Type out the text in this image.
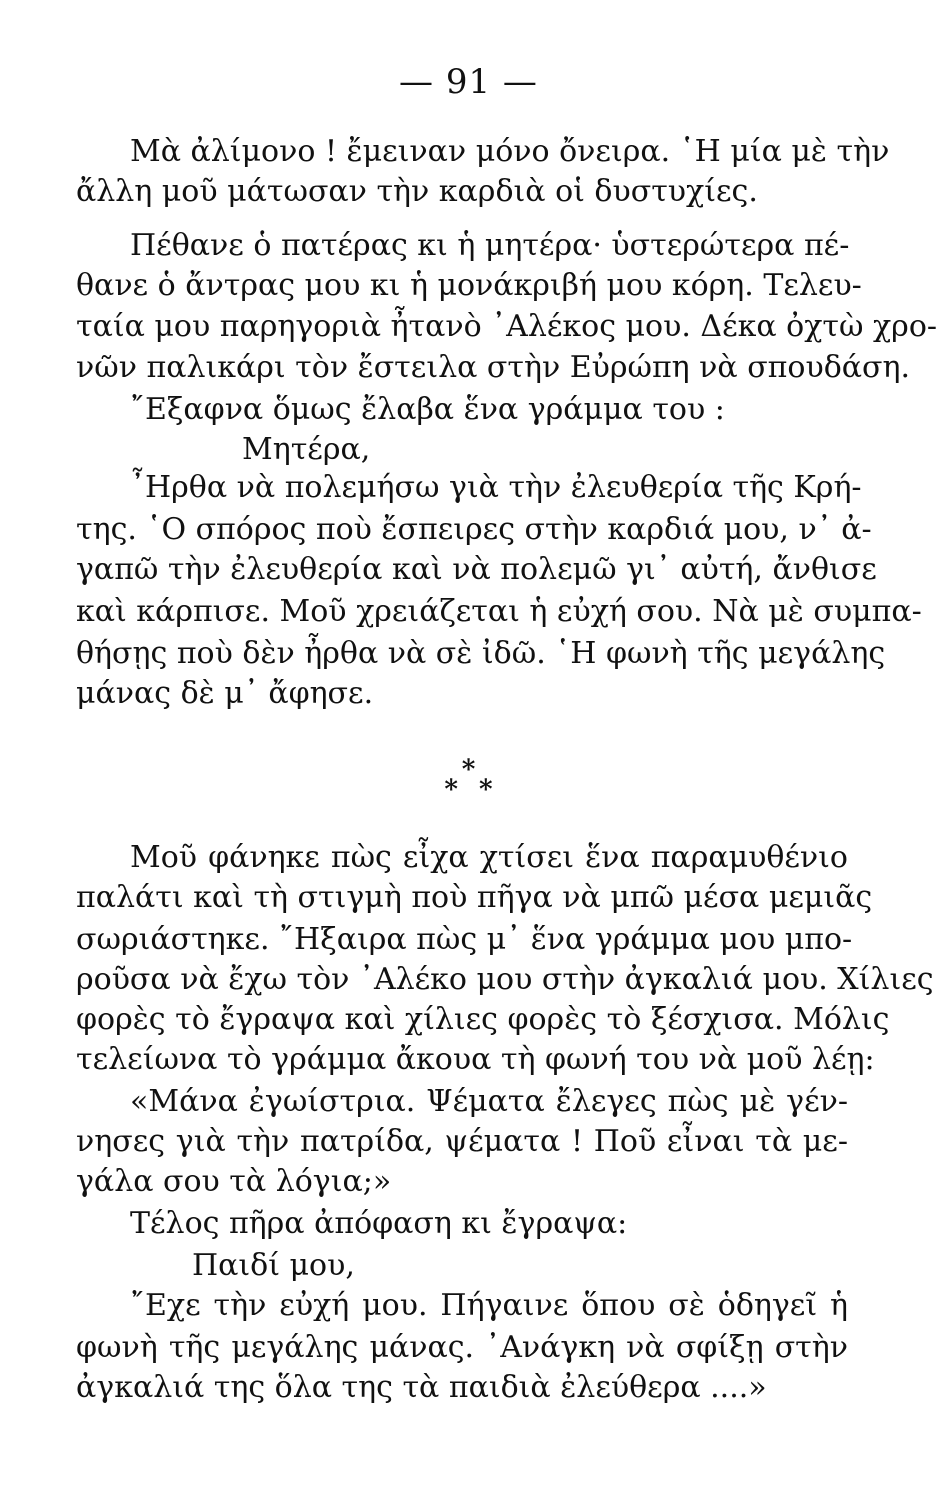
— 91 —
Μὰ ἀλίμονο ! ἔμειναν μόνο ὄνειρα. ῾Η μία μὲ τὴν
ἄλλη μοῦ μάτωσαν τὴν καρδιὰ οἱ δυστυχίες.
Πέθανε ὁ πατέρας κι ἡ μητέρα· ὑστερώτερα πέ-
θανε ὁ ἄντρας μου κι ἡ μονάκριβή μου κόρη. Τελευ-
ταία μου παρηγοριὰ ἦτανὸ ᾿Αλέκος μου. Δέκα ὀχτὼ χρο-
νῶν παλικάρι τὸν ἔστειλα στὴν Εὐρώπη νὰ σπουδάση.
῎Εξαφνα ὅμως ἔλαβα ἕνα γράμμα του :
Μητέρα,
῏Ηρθα νὰ πολεμήσω γιὰ τὴν ἐλευθερία τῆς Κρή-
της. ῾Ο σπόρος ποὺ ἔσπειρες στὴν καρδιά μου, ν᾿ ἀ-
γαπῶ τὴν ἐλευθερία καὶ νὰ πολεμῶ γι᾿ αὐτή, ἄνθισε
καὶ κάρπισε. Μοῦ χρειάζεται ἡ εὐχή σου. Νὰ μὲ συμπα-
θήσῃς ποὺ δὲν ἦρθα νὰ σὲ ἰδῶ. ῾Η φωνὴ τῆς μεγάλης
μάνας δὲ μ᾿ ἄφησε.
*
* *
Μοῦ φάνηκε πὼς εἶχα χτίσει ἕνα παραμυθένιο
παλάτι καὶ τὴ στιγμὴ ποὺ πῆγα νὰ μπῶ μέσα μεμιᾶς
σωριάστηκε. ῎Ηξαιρα πὼς μ᾿ ἕνα γράμμα μου μπο-
ροῦσα νὰ ἔχω τὸν ᾿Αλέκο μου στὴν ἀγκαλιά μου. Χίλιες
φορὲς τὸ ἔγραψα καὶ χίλιες φορὲς τὸ ξέσχισα. Μόλις
τελείωνα τὸ γράμμα ἄκουα τὴ φωνή του νὰ μοῦ λέῃ:
«Μάνα ἐγωίστρια. Ψέματα ἔλεγες πὼς μὲ γέν-
νησες γιὰ τὴν πατρίδα, ψέματα ! Ποῦ εἶναι τὰ με-
γάλα σου τὰ λόγια;»
Τέλος πῆρα ἀπόφαση κι ἔγραψα:
Παιδί μου,
῎Εχε τὴν εὐχή μου. Πήγαινε ὅπου σὲ ὁδηγεῖ ἡ
φωνὴ τῆς μεγάλης μάνας. ᾿Ανάγκη νὰ σφίξῃ στὴν
ἀγκαλιά της ὅλα της τὰ παιδιὰ ἐλεύθερα ....»
